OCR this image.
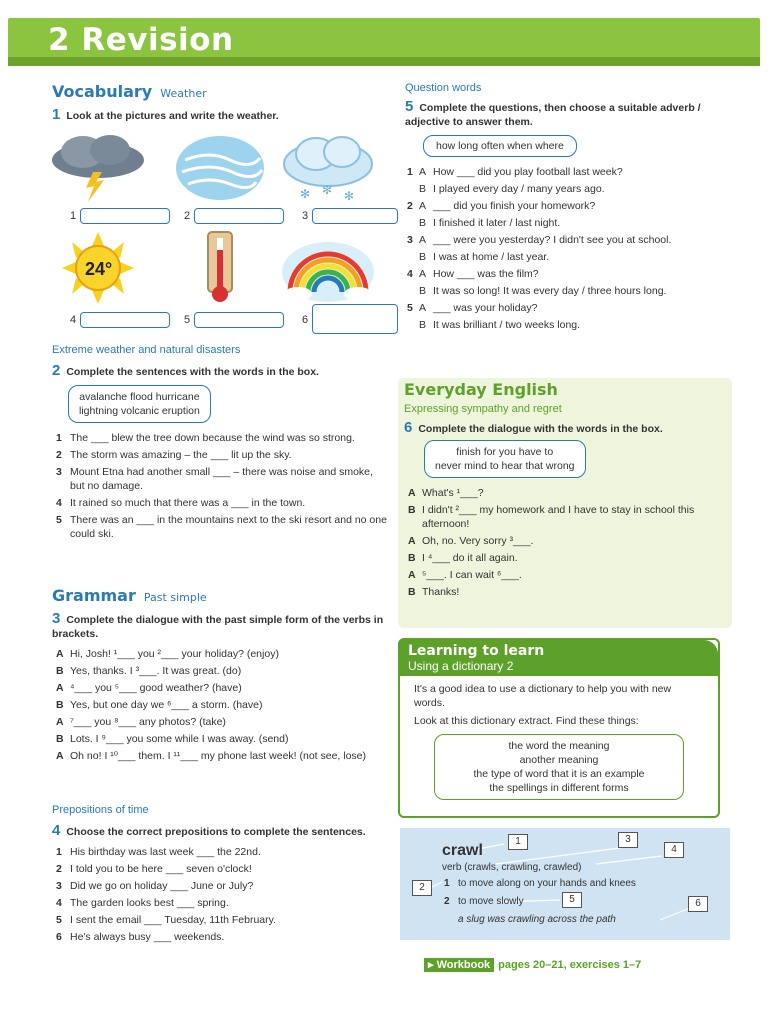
2 Revision
Vocabulary Weather
1 Look at the pictures and write the weather.
✻ ✻ ✻
1	2	3
24°
4	5	6
Extreme weather and natural disasters
2 Complete the sentences with the words in the box.
avalanche flood hurricane
lightning volcanic eruption
1 The ___ blew the tree down because the wind was so strong.
2 The storm was amazing – the ___ lit up the sky.
3 Mount Etna had another small ___ – there was noise and smoke, but no damage.
4 It rained so much that there was a ___ in the town.
5 There was an ___ in the mountains next to the ski resort and no one could ski.
Grammar Past simple
3 Complete the dialogue with the past simple form of the verbs in brackets.
A Hi, Josh! ¹___ you ²___ your holiday? (enjoy)
B Yes, thanks. I ³___. It was great. (do)
A ⁴___ you ⁵___ good weather? (have)
B Yes, but one day we ⁶___ a storm. (have)
A ⁷___ you ⁸___ any photos? (take)
B Lots. I ⁹___ you some while I was away. (send)
A Oh no! I ¹⁰___ them. I ¹¹___ my phone last week! (not see, lose)
Prepositions of time
4 Choose the correct prepositions to complete the sentences.
1 His birthday was last week ___ the 22nd.
2 I told you to be here ___ seven o'clock!
3 Did we go on holiday ___ June or July?
4 The garden looks best ___ spring.
5 I sent the email ___ Tuesday, 11th February.
6 He's always busy ___ weekends.
Question words
5 Complete the questions, then choose a suitable adverb / adjective to answer them.
how long often when where
1 A How ___ did you play football last week?
B I played every day / many years ago.
2 A ___ did you finish your homework?
B I finished it later / last night.
3 A ___ were you yesterday? I didn't see you at school.
B I was at home / last year.
4 A How ___ was the film?
B It was so long! It was every day / three hours long.
5 A ___ was your holiday?
B It was brilliant / two weeks long.
Everyday English
Expressing sympathy and regret
6 Complete the dialogue with the words in the box.
finish for you have to
never mind to hear that wrong
A What's ¹___?
B I didn't ²___ my homework and I have to stay in school this afternoon!
A Oh, no. Very sorry ³___.
B I ⁴___ do it all again.
A ⁵___. I can wait ⁶___.
B Thanks!
Learning to learn
Using a dictionary 2
It's a good idea to use a dictionary to help you with new words.
Look at this dictionary extract. Find these things:
the word the meaning
another meaning
the type of word that it is an example
the spellings in different forms
crawl
verb (crawls, crawling, crawled)
1 to move along on your hands and knees
2 to move slowly
a slug was crawling across the path
1
2
3
4
5	6
▸ Workbook pages 20–21, exercises 1–7
